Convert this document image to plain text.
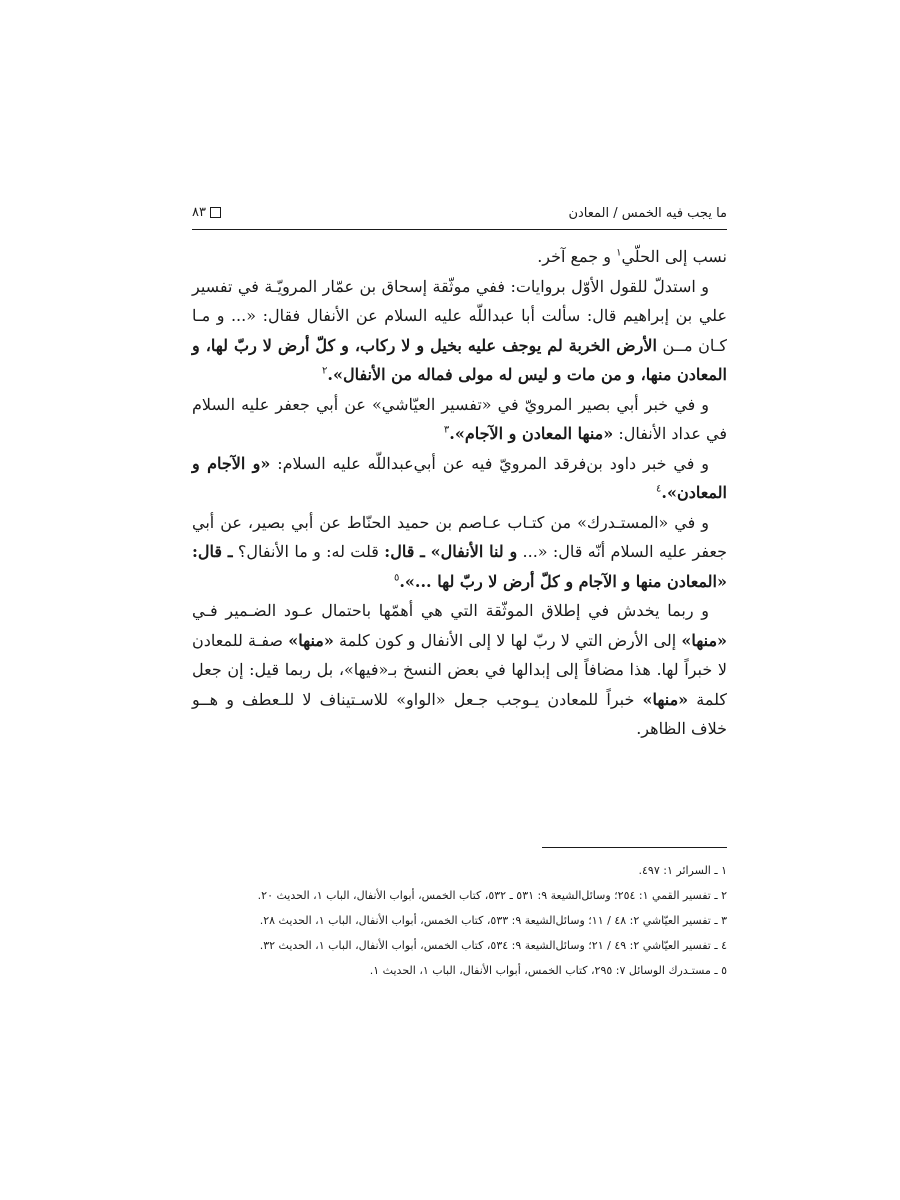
ما يجب فيه الخمس / المعادن
٨٣

نسب إلى الحلّي$^١$ و جمع آخر.

و استدلّ للقول الأوّل بروايات: ففي موثّقة إسحاق بن عمّار المرويّـة في تفسير علي بن إبراهيم قال: سألت أبا عبداللّه عليه السلام عن الأنفال فقال: «... و مـا كـان مــن الأرض الخربة لم يوجف عليه بخيل و لا ركاب، و كلّ أرض لا ربّ لها، و المعادن منها، و من مات و ليس له مولى فماله من الأنفال».$^٢$

و في خبر أبي بصير المرويّ في «تفسير العيّاشي» عن أبي جعفر عليه السلام في عداد الأنفال: «منها المعادن و الآجام».$^٣$

و في خبر داود بن‌فرقد المرويّ فيه عن أبي‌عبداللّه عليه السلام: «و الآجام و المعادن».$^٤$

و في «المستـدرك» من كتـاب عـاصم بن حميد الحنّاط عن أبي بصير، عن أبي جعفر عليه السلام أنّه قال: «... و لنا الأنفال» ـ قال: قلت له: و ما الأنفال؟ ـ قال: «المعادن منها و الآجام و كلّ أرض لا ربّ لها ...».$^٥$

و ربما يخدش في إطلاق الموثّقة التي هي أهمّها باحتمال عـود الضـمير فـي «منها» إلى الأرض التي لا ربّ لها لا إلى الأنفال و كون كلمة «منها» صفـة للمعادن لا خبراً لها. هذا مضافاً إلى إبدالها في بعض النسخ بـ«فيها»، بل ربما قيل: إن جعل كلمة «منها» خبراً للمعادن يـوجب جـعل «الواو» للاسـتيناف لا للـعطف و هــو خلاف الظاهر.

١ ـ السرائر ١: ٤٩٧.
٢ ـ تفسير القمي ١: ٢٥٤؛ وسائل‌الشيعة ٩: ٥٣١ ـ ٥٣٢، كتاب الخمس، أبواب الأنفال، الباب ١، الحديث ٢٠.
٣ ـ تفسير العيّاشي ٢: ٤٨ / ١١؛ وسائل‌الشيعة ٩: ٥٣٣، كتاب الخمس، أبواب الأنفال، الباب ١، الحديث ٢٨.
٤ ـ تفسير العيّاشي ٢: ٤٩ / ٢١؛ وسائل‌الشيعة ٩: ٥٣٤، كتاب الخمس، أبواب الأنفال، الباب ١، الحديث ٣٢.
٥ ـ مستـدرك الوسائل ٧: ٢٩٥، كتاب الخمس، أبواب الأنفال، الباب ١، الحديث ١.
